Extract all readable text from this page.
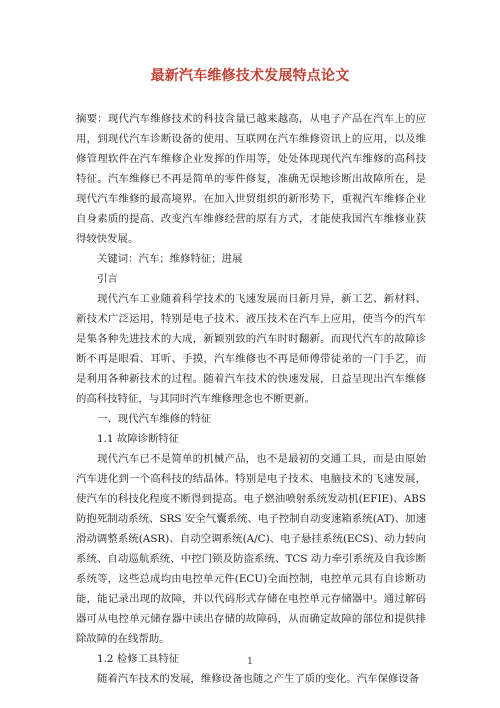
最新汽车维修技术发展特点论文

摘要：现代汽车维修技术的科技含量已越来越高，从电子产品在汽车上的应用，到现代汽车诊断设备的使用、互联网在汽车维修资讯上的应用，以及维修管理软件在汽车维修企业发挥的作用等，处处体现现代汽车维修的高科技特征。汽车维修已不再是简单的零件修复，准确无误地诊断出故障所在，是现代汽车维修的最高境界。在加入世贸组织的新形势下，重视汽车维修企业自身素质的提高、改变汽车维修经营的原有方式，才能使我国汽车维修业获得较快发展。

关键词：汽车；维修特征；进展

引言

现代汽车工业随着科学技术的飞速发展而日新月异，新工艺、新材料、新技术广泛运用，特别是电子技术、液压技术在汽车上应用，使当今的汽车是集各种先进技术的大成，新颖别致的汽车时时翻新。而现代汽车的故障诊断不再是眼看、耳听、手摸，汽车维修也不再是师傅带徒弟的一门手艺，而是利用各种新技术的过程。随着汽车技术的快速发展，日益呈现出汽车维修的高科技特征，与其同时汽车维修理念也不断更新。

一、现代汽车维修的特征

1.1 故障诊断特征

现代汽车已不是简单的机械产品，也不是最初的交通工具，而是由原始汽车进化到一个高科技的结晶体。特别是电子技术、电脑技术的飞速发展，使汽车的科技化程度不断得到提高。电子燃油喷射系统发动机(EFIE)、ABS 防抱死制动系统、SRS 安全气囊系统、电子控制自动变速箱系统(AT)、加速滑动调整系统(ASR)、自动空调系统(A/C)、电子悬挂系统(ECS)、动力转向系统、自动巡航系统、中控门锁及防盗系统、TCS 动力牵引系统及自我诊断系统等，这些总成均由电控单元件(ECU)全面控制，电控单元具有自诊断功能，能记录出现的故障，并以代码形式存储在电控单元存储器中。通过解码器可从电控单元储存器中读出存储的故障码，从而确定故障的部位和提供排除故障的在线帮助。

1.2 检修工具特征

随着汽车技术的发展，维修设备也随之产生了质的变化。汽车保修设备

1
